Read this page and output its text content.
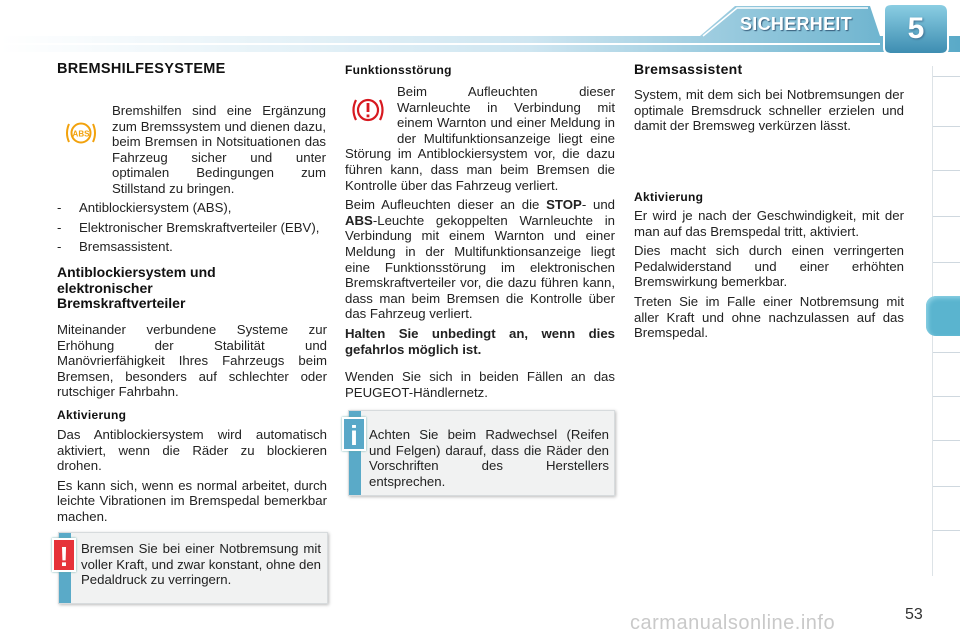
SICHERHEIT	5
BREMSHILFESYSTEME
ABS
Bremshilfen sind eine Ergänzung zum Bremssystem und dienen dazu, beim Bremsen in Notsituationen das Fahrzeug sicher und unter optimalen Bedingungen zum Stillstand zu bringen.
-	Antiblockiersystem (ABS),
-	Elektronischer Bremskraftverteiler (EBV),
-	Bremsassistent.
Antiblockiersystem und elektronischer Bremskraftverteiler
Miteinander verbundene Systeme zur Erhöhung der Stabilität und Manövrierfähigkeit Ihres Fahrzeugs beim Bremsen, besonders auf schlechter oder rutschiger Fahrbahn.
Aktivierung

Das Antiblockiersystem wird automatisch aktiviert, wenn die Räder zu blockieren drohen.

Es kann sich, wenn es normal arbeitet, durch leichte Vibrationen im Bremspedal bemerkbar machen.

Bremsen Sie bei einer Notbremsung mit voller Kraft, und zwar konstant, ohne den Pedaldruck zu verringern.
!
Funktionsstörung

Beim Aufleuchten dieser Warnleuchte in Verbindung mit einem Warnton und einer Meldung in der Multifunktionsanzeige liegt eine Störung im Antiblockiersystem vor, die dazu führen kann, dass man beim Bremsen die Kontrolle über das Fahrzeug verliert.

Beim Aufleuchten dieser an die STOP- und ABS-Leuchte gekoppelten Warnleuchte in Verbindung mit einem Warnton und einer Meldung in der Multifunktionsanzeige liegt eine Funktionsstörung im elektronischen Bremskraftverteiler vor, die dazu führen kann, dass man beim Bremsen die Kontrolle über das Fahrzeug verliert.

Halten Sie unbedingt an, wenn dies gefahrlos möglich ist.

Wenden Sie sich in beiden Fällen an das PEUGEOT-Händlernetz.

Achten Sie beim Radwechsel (Reifen und Felgen) darauf, dass die Räder den Vorschriften des Herstellers entsprechen.
i
Bremsassistent
System, mit dem sich bei Notbremsungen der optimale Bremsdruck schneller erzielen und damit der Bremsweg verkürzen lässt.
Aktivierung

Er wird je nach der Geschwindigkeit, mit der man auf das Bremspedal tritt, aktiviert.

Dies macht sich durch einen verringerten Pedalwiderstand und einer erhöhten Bremswirkung bemerkbar.

Treten Sie im Falle einer Notbremsung mit aller Kraft und ohne nachzulassen auf das Bremspedal.

53
carmanualsonline.info
